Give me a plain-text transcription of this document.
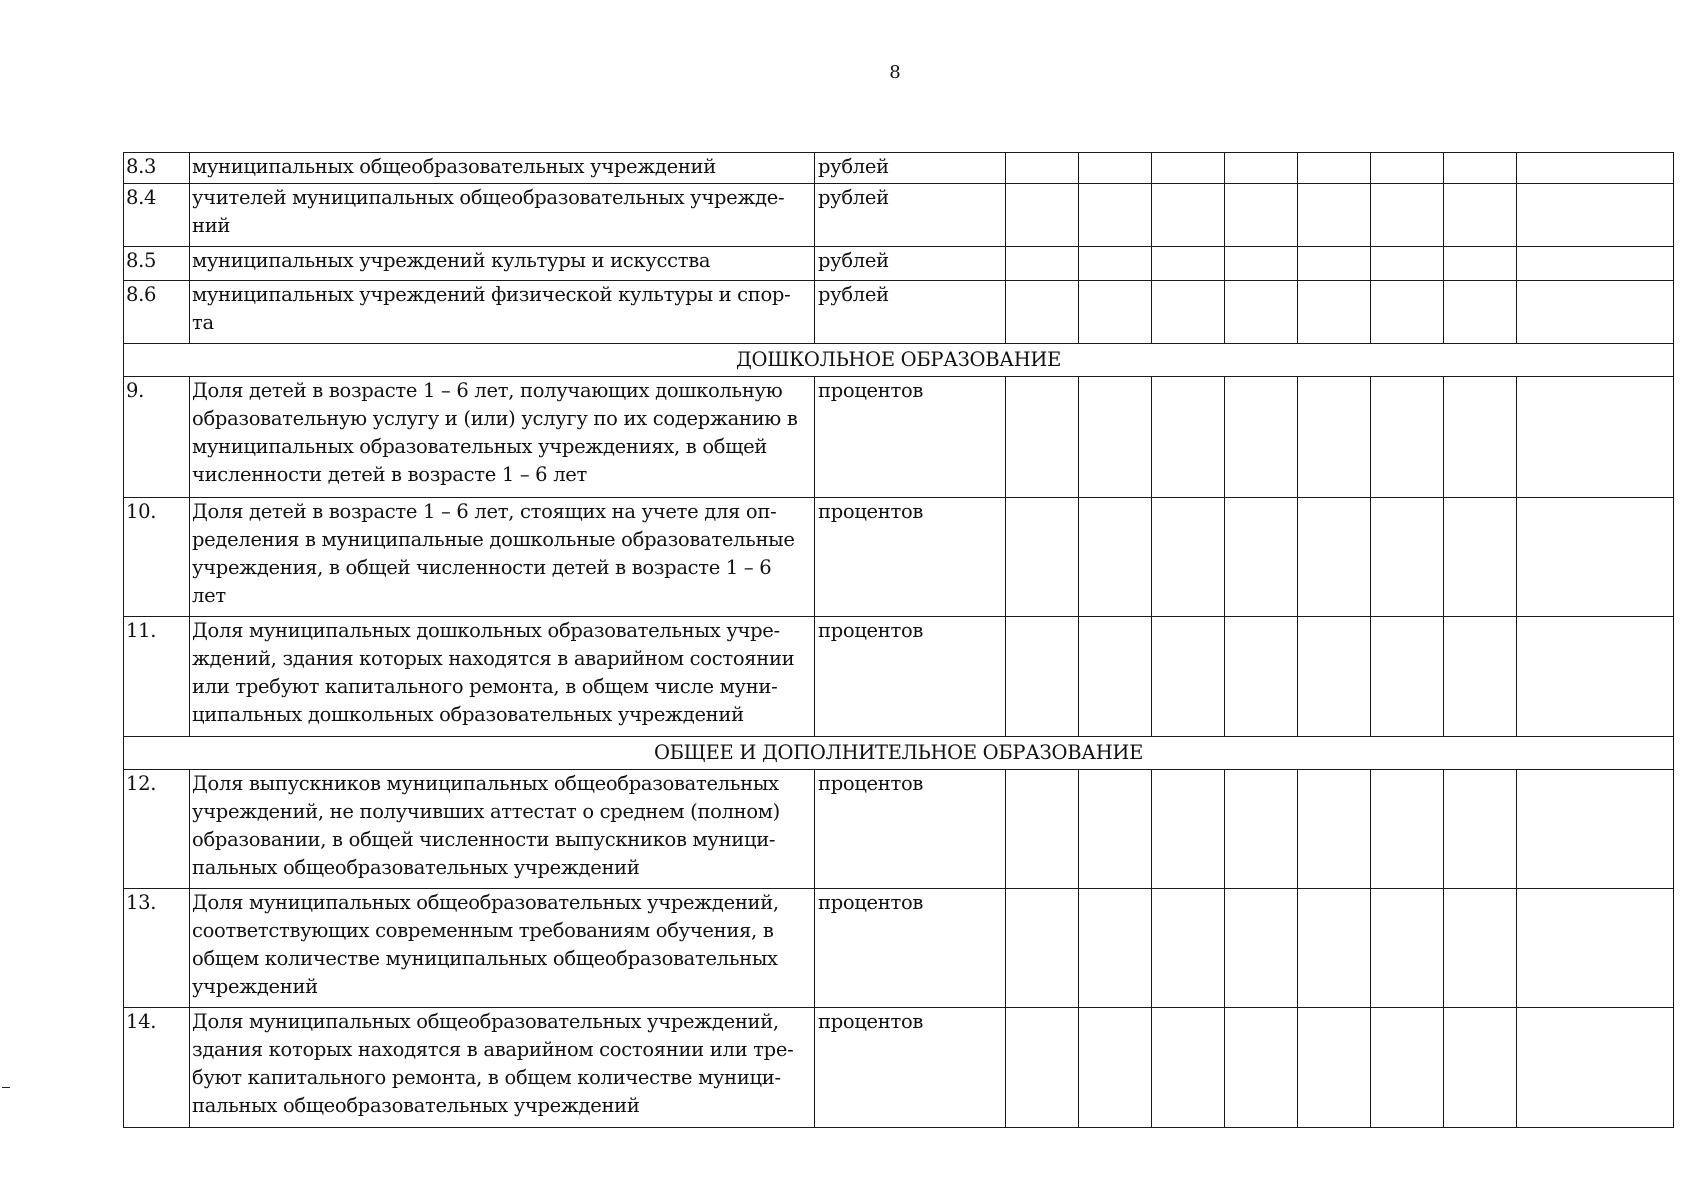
8
8.3	муниципальных общеобразовательных учреждений	рублей								
8.4	учителей муниципальных общеобразовательных учрежде-ний	рублей								
8.5	муниципальных учреждений культуры и искусства	рублей								
8.6	муниципальных учреждений физической культуры и спор-та	рублей								
ДОШКОЛЬНОЕ ОБРАЗОВАНИЕ										
9.	Доля детей в возрасте 1 – 6 лет, получающих дошкольную образовательную услугу и (или) услугу по их содержанию в муниципальных образовательных учреждениях, в общей численности детей в возрасте 1 – 6 лет	процентов								
10.	Доля детей в возрасте 1 – 6 лет, стоящих на учете для оп-ределения в муниципальные дошкольные образовательные учреждения, в общей численности детей в возрасте 1 – 6 лет	процентов								
11.	Доля муниципальных дошкольных образовательных учре-ждений, здания которых находятся в аварийном состоянии или требуют капитального ремонта, в общем числе муни-ципальных дошкольных образовательных учреждений	процентов								
ОБЩЕЕ И ДОПОЛНИТЕЛЬНОЕ ОБРАЗОВАНИЕ										
12.	Доля выпускников муниципальных общеобразовательных учреждений, не получивших аттестат о среднем (полном) образовании, в общей численности выпускников муници-пальных общеобразовательных учреждений	процентов								
13.	Доля муниципальных общеобразовательных учреждений, соответствующих современным требованиям обучения, в общем количестве муниципальных общеобразовательных учреждений	процентов								
14.	Доля муниципальных общеобразовательных учреждений, здания которых находятся в аварийном состоянии или тре-буют капитального ремонта, в общем количестве муници-пальных общеобразовательных учреждений	процентов								
